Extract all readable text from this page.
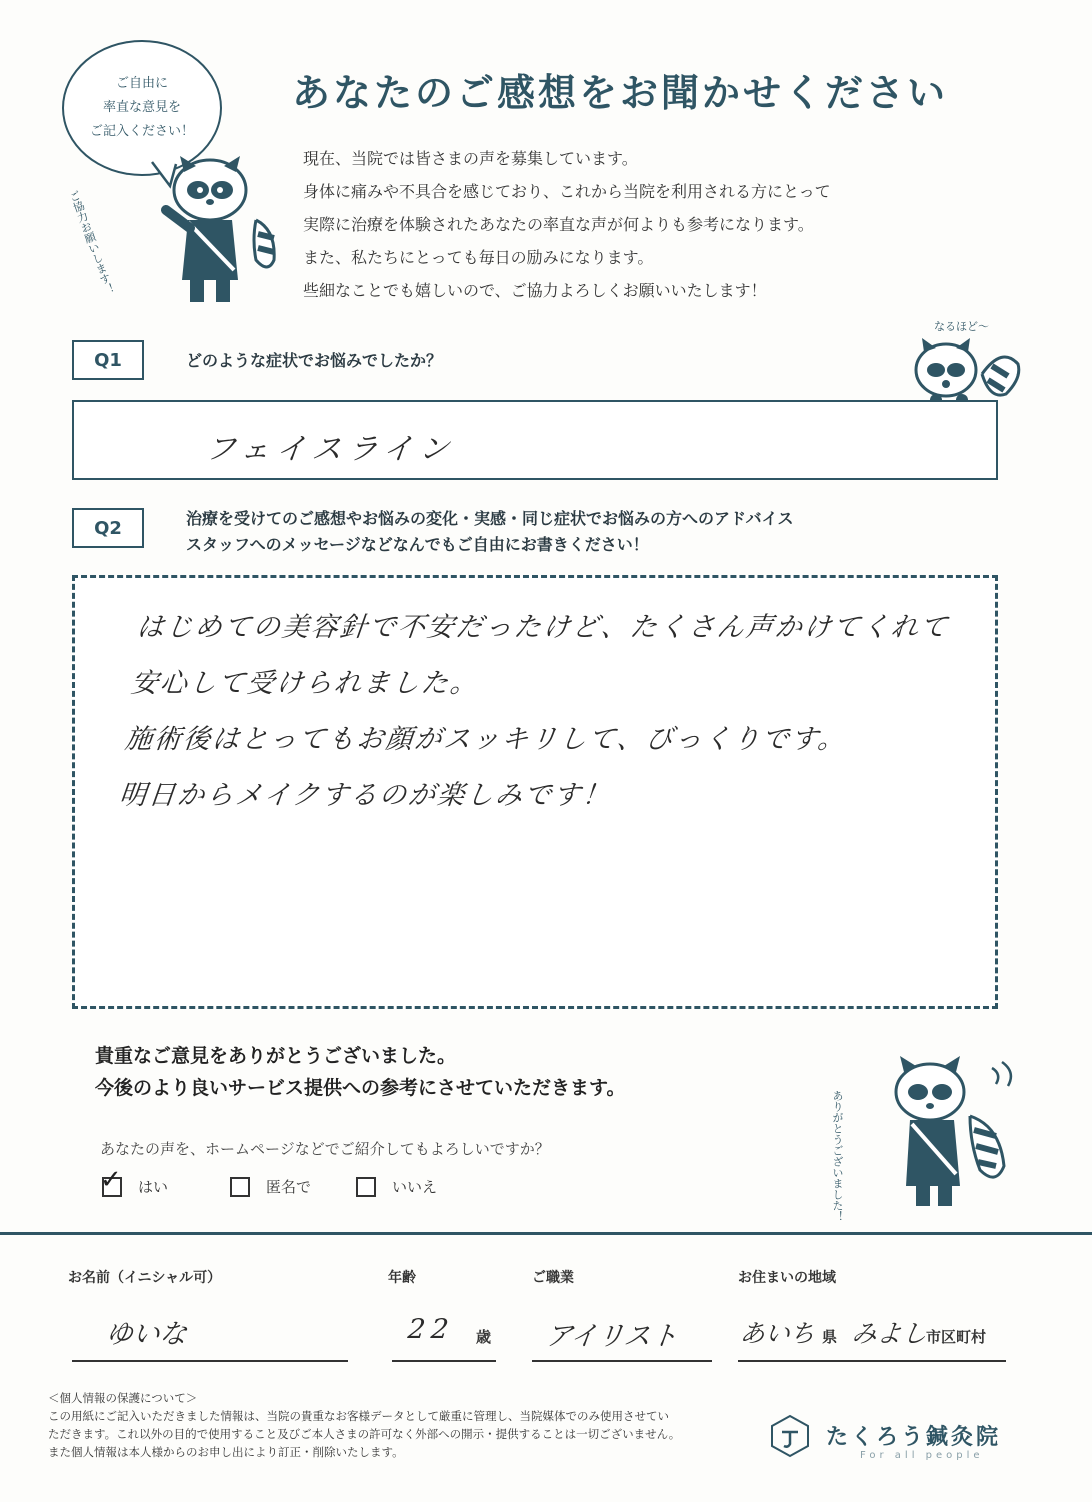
ご自由に
率直な意見を
ご記入ください！
ご協力お願いします！
あなたのご感想をお聞かせください
現在、当院では皆さまの声を募集しています。
身体に痛みや不具合を感じており、これから当院を利用される方にとって
実際に治療を体験されたあなたの率直な声が何よりも参考になります。
また、私たちにとっても毎日の励みになります。
些細なことでも嬉しいので、ご協力よろしくお願いいたします！
Q1	どのような症状でお悩みでしたか？
なるほど〜
フェイスライン
Q2	治療を受けてのご感想やお悩みの変化・実感・同じ症状でお悩みの方へのアドバイス
スタッフへのメッセージなどなんでもご自由にお書きください！
はじめての美容針で不安だったけど、たくさん声かけてくれて
安心して受けられました。
施術後はとってもお顔がスッキリして、びっくりです。
明日からメイクするのが楽しみです！
貴重なご意見をありがとうございました。
今後のより良いサービス提供への参考にさせていただきます。
ありがとうございました！
あなたの声を、ホームページなどでご紹介してもよろしいですか？
✓ はい	匿名で	いいえ
お名前（イニシャル可）
ゆいな
年齢
22 歳
ご職業
アイリスト
お住まいの地域
あいち 県 みよし
市区町村
＜個人情報の保護について＞
この用紙にご記入いただきました情報は、当院の貴重なお客様データとして厳重に管理し、当院媒体でのみ使用させてい
ただきます。これ以外の目的で使用すること及びご本人さまの許可なく外部への開示・提供することは一切ございません。
また個人情報は本人様からのお申し出により訂正・削除いたします。
たくろう鍼灸院
For all people
